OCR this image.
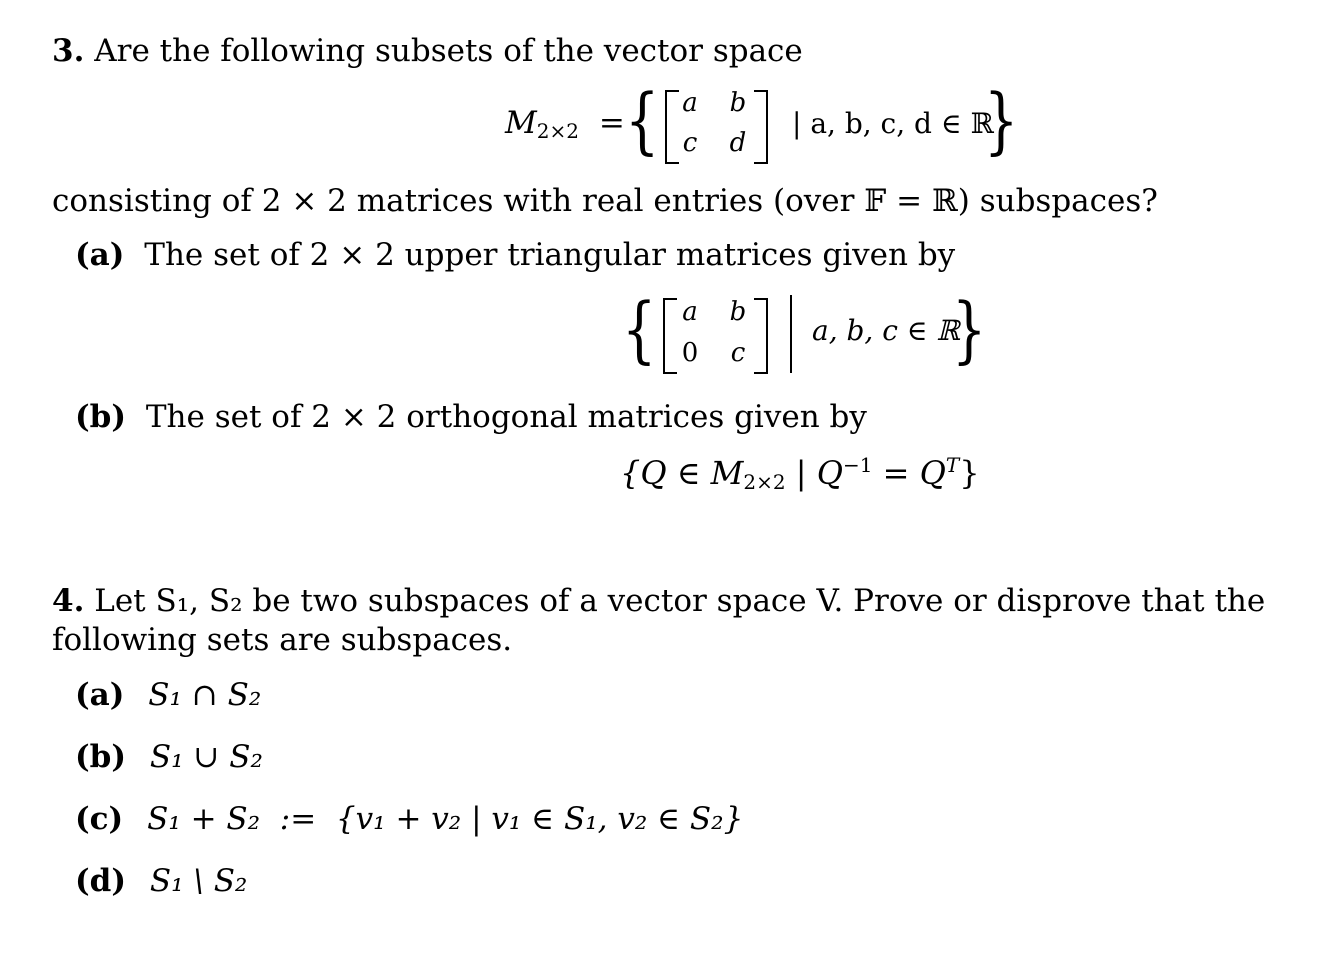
3. Are the following subsets of the vector space
$M_{2\times 2}$ = { a b
c d
| a, b, c, d ∈ ℝ
}
consisting of 2 × 2 matrices with real entries (over 𝔽 = ℝ) subspaces?
(a) The set of 2 × 2 upper triangular matrices given by
{ a b
0 c
a, b, c ∈ ℝ
}
(b) The set of 2 × 2 orthogonal matrices given by
{Q ∈ $M_{2\times 2}$ | $Q^{-1} = Q^T$}
4. Let S₁, S₂ be two subspaces of a vector space V. Prove or disprove that the
following sets are subspaces.
(a) S₁ ∩ S₂
(b) S₁ ∪ S₂
(c) S₁ + S₂  :=  {v₁ + v₂ | v₁ ∈ S₁, v₂ ∈ S₂}
(d) S₁ \ S₂
